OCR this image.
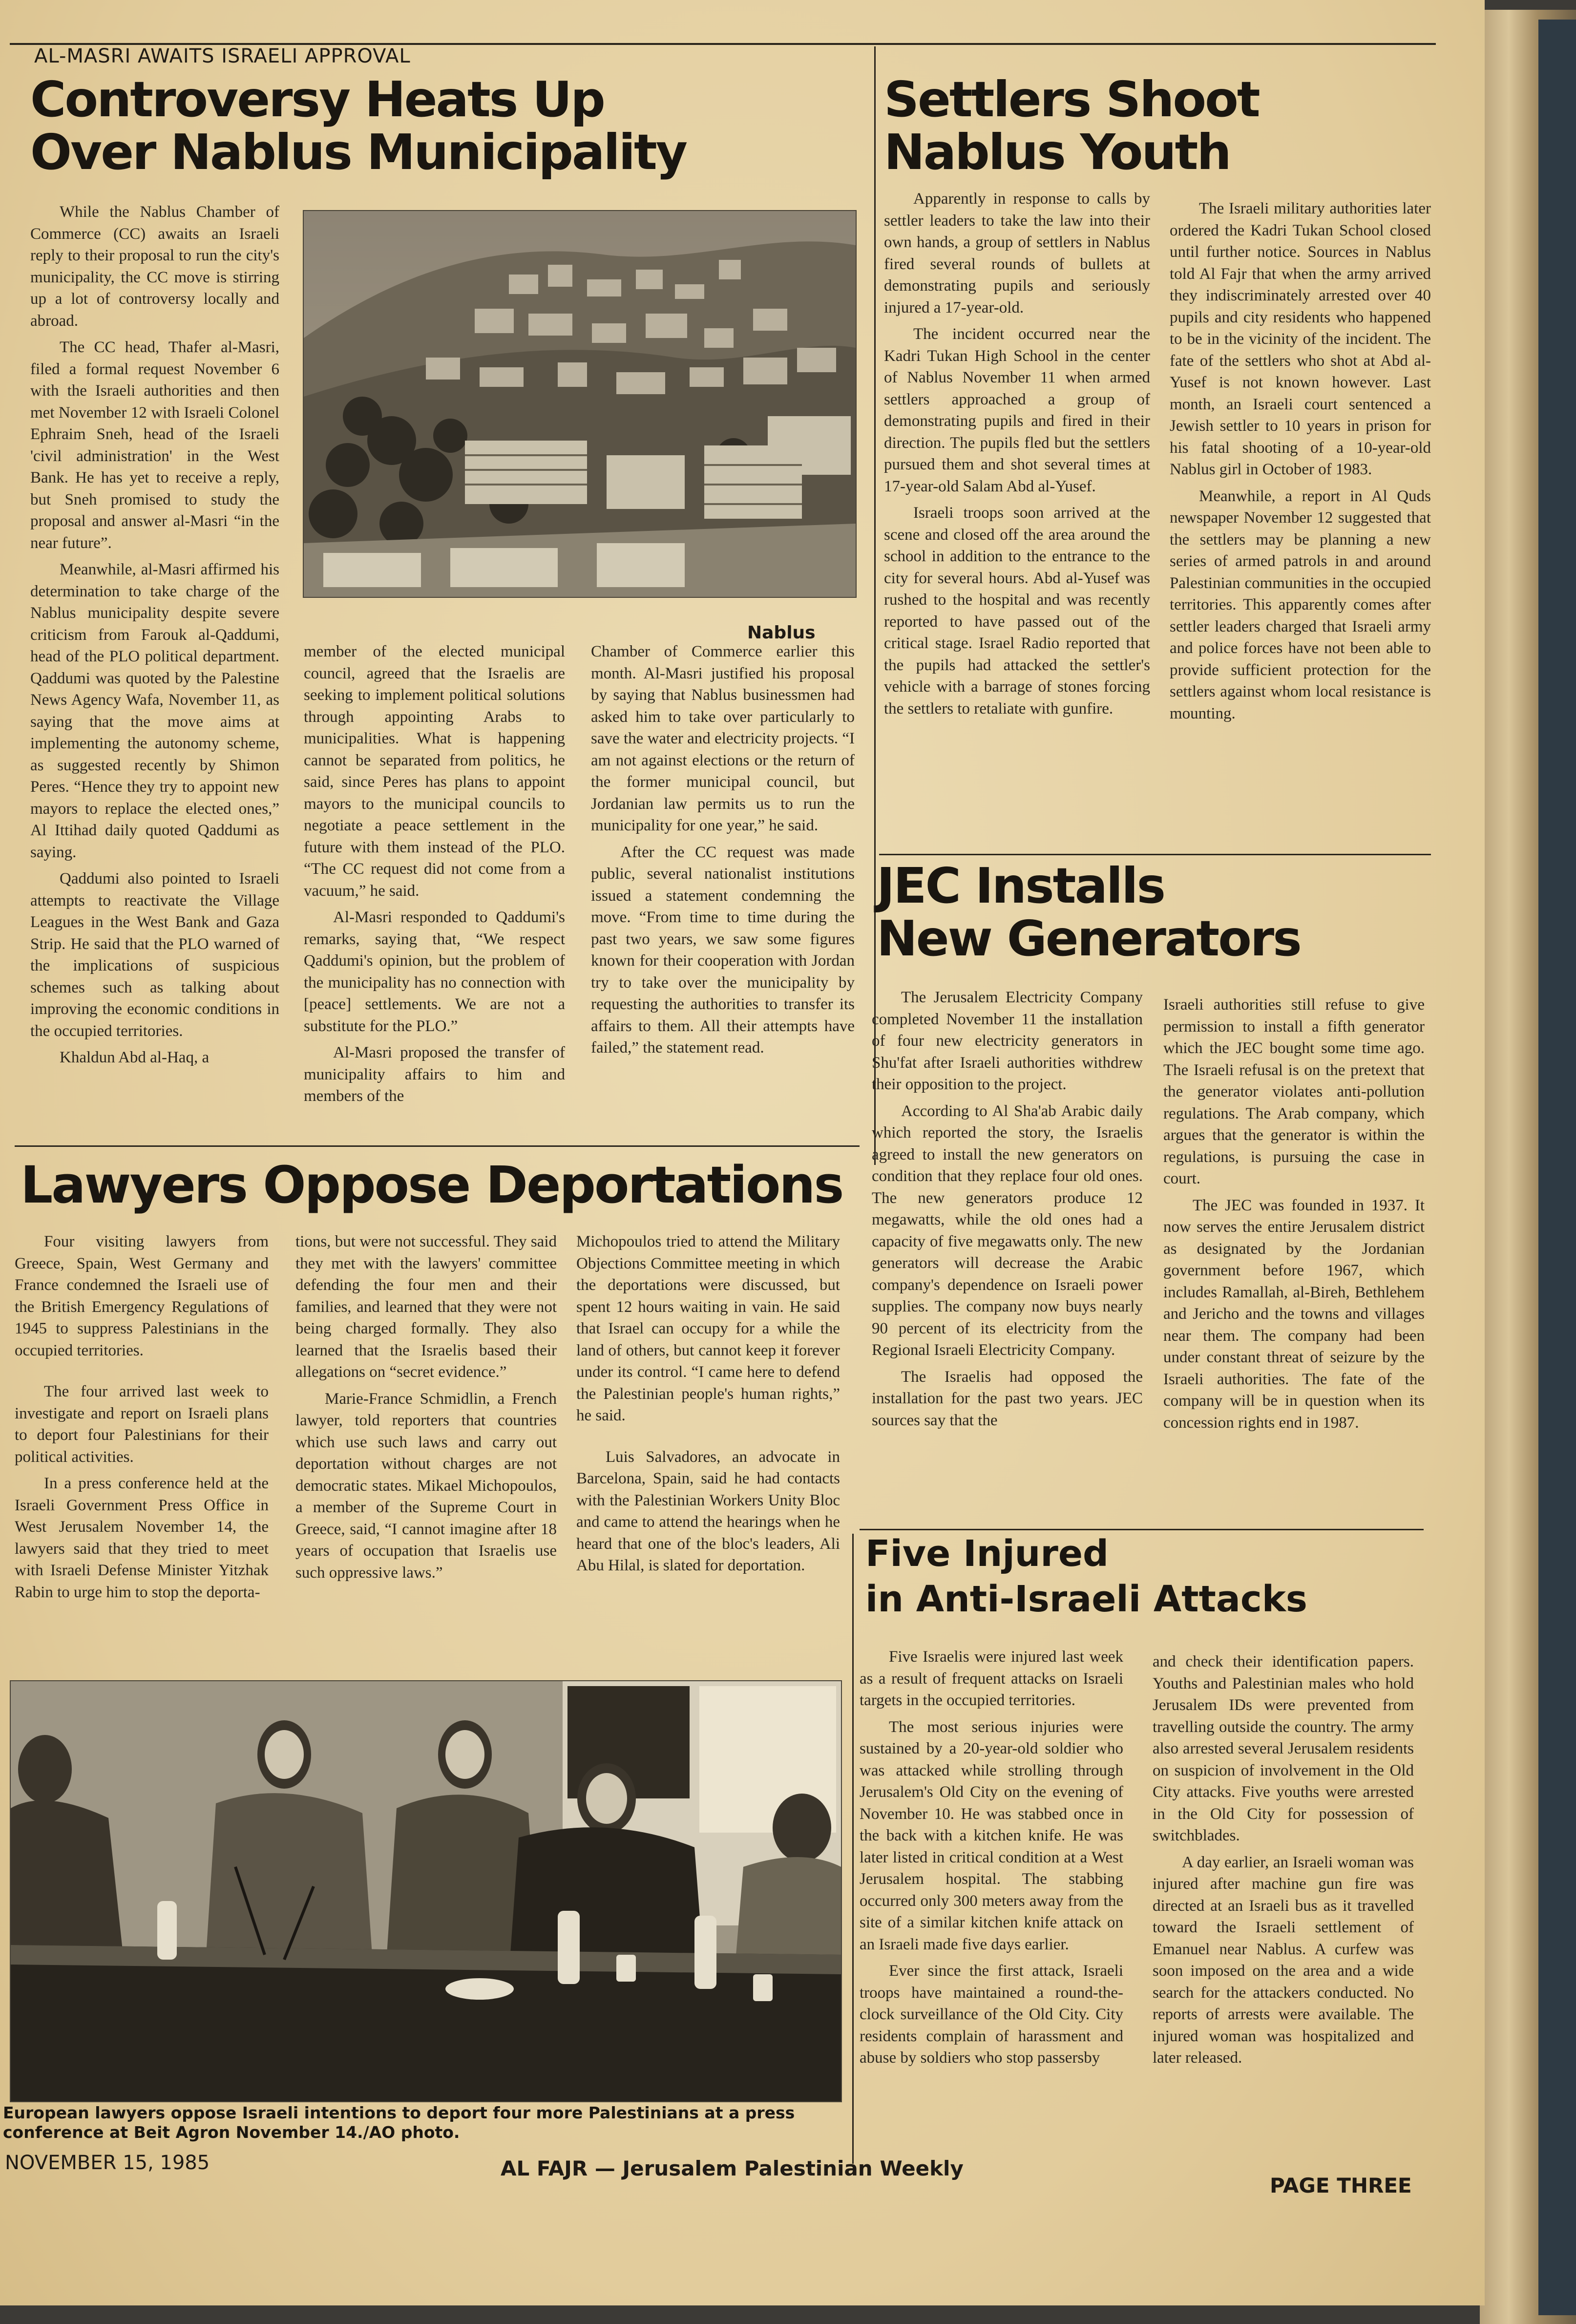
AL-MASRI AWAITS ISRAELI APPROVAL
Controversy Heats Up
Over Nablus Municipality
Nablus

While the Nablus Chamber of Commerce (CC) awaits an Israeli reply to their proposal to run the city's municipality, the CC move is stirring up a lot of controversy locally and abroad.

The CC head, Thafer al-Masri, filed a formal request November 6 with the Israeli authorities and then met November 12 with Israeli Colonel Ephraim Sneh, head of the Israeli 'civil administration' in the West Bank. He has yet to receive a reply, but Sneh promised to study the proposal and answer al-Masri “in the near future”.

Meanwhile, al-Masri affirmed his determination to take charge of the Nablus municipality despite severe criticism from Farouk al-Qaddumi, head of the PLO political department. Qaddumi was quoted by the Palestine News Agency Wafa, November 11, as saying that the move aims at implementing the autonomy scheme, as suggested recently by Shimon Peres. “Hence they try to appoint new mayors to replace the elected ones,” Al Ittihad daily quoted Qaddumi as saying.

Qaddumi also pointed to Israeli attempts to reactivate the Village Leagues in the West Bank and Gaza Strip. He said that the PLO warned of the implications of suspicious schemes such as talking about improving the economic conditions in the occupied territories.

Khaldun Abd al-Haq, a

member of the elected municipal council, agreed that the Israelis are seeking to implement political solutions through appointing Arabs to municipalities. What is happening cannot be separated from politics, he said, since Peres has plans to appoint mayors to the municipal councils to negotiate a peace settlement in the future with them instead of the PLO. “The CC request did not come from a vacuum,” he said.

Al-Masri responded to Qaddumi's remarks, saying that, “We respect Qaddumi's opinion, but the problem of the municipality has no connection with [peace] settlements. We are not a substitute for the PLO.”

Al-Masri proposed the transfer of municipality affairs to him and members of the

Chamber of Commerce earlier this month. Al-Masri justified his proposal by saying that Nablus businessmen had asked him to take over particularly to save the water and electricity projects. “I am not against elections or the return of the former municipal council, but Jordanian law permits us to run the municipality for one year,” he said.

After the CC request was made public, several nationalist institutions issued a statement condemning the move. “From time to time during the past two years, we saw some figures known for their cooperation with Jordan try to take over the municipality by requesting the authorities to transfer its affairs to them. All their attempts have failed,” the statement read.

Settlers Shoot
Nablus Youth

Apparently in response to calls by settler leaders to take the law into their own hands, a group of settlers in Nablus fired several rounds of bullets at demonstrating pupils and seriously injured a 17-year-old.

The incident occurred near the Kadri Tukan High School in the center of Nablus November 11 when armed settlers approached a group of demonstrating pupils and fired in their direction. The pupils fled but the settlers pursued them and shot several times at 17-year-old Salam Abd al-Yusef.

Israeli troops soon arrived at the scene and closed off the area around the school in addition to the entrance to the city for several hours. Abd al-Yusef was rushed to the hospital and was recently reported to have passed out of the critical stage. Israel Radio reported that the pupils had attacked the settler's vehicle with a barrage of stones forcing the settlers to retaliate with gunfire.

The Israeli military authorities later ordered the Kadri Tukan School closed until further notice. Sources in Nablus told Al Fajr that when the army arrived they indiscriminately arrested over 40 pupils and city residents who happened to be in the vicinity of the incident. The fate of the settlers who shot at Abd al-Yusef is not known however. Last month, an Israeli court sentenced a Jewish settler to 10 years in prison for his fatal shooting of a 10-year-old Nablus girl in October of 1983.

Meanwhile, a report in Al Quds newspaper November 12 suggested that the settlers may be planning a new series of armed patrols in and around Palestinian communities in the occupied territories. This apparently comes after settler leaders charged that Israeli army and police forces have not been able to provide sufficient protection for the settlers against whom local resistance is mounting.

JEC Installs
New Generators

The Jerusalem Electricity Company completed November 11 the installation of four new electricity generators in Shu'fat after Israeli authorities withdrew their opposition to the project.

According to Al Sha'ab Arabic daily which reported the story, the Israelis agreed to install the new generators on condition that they replace four old ones. The new generators produce 12 megawatts, while the old ones had a capacity of five megawatts only. The new generators will decrease the Arabic company's dependence on Israeli power supplies. The company now buys nearly 90 percent of its electricity from the Regional Israeli Electricity Company.

The Israelis had opposed the installation for the past two years. JEC sources say that the

Israeli authorities still refuse to give permission to install a fifth generator which the JEC bought some time ago. The Israeli refusal is on the pretext that the generator violates anti-pollution regulations. The Arab company, which argues that the generator is within the regulations, is pursuing the case in court.

The JEC was founded in 1937. It now serves the entire Jerusalem district as designated by the Jordanian government before 1967, which includes Ramallah, al-Bireh, Bethlehem and Jericho and the towns and villages near them. The company had been under constant threat of seizure by the Israeli authorities. The fate of the company will be in question when its concession rights end in 1987.

Lawyers Oppose Deportations

Four visiting lawyers from Greece, Spain, West Germany and France condemned the Israeli use of the British Emergency Regulations of 1945 to suppress Palestinians in the occupied territories.

The four arrived last week to investigate and report on Israeli plans to deport four Palestinians for their political activities.

In a press conference held at the Israeli Government Press Office in West Jerusalem November 14, the lawyers said that they tried to meet with Israeli Defense Minister Yitzhak Rabin to urge him to stop the deporta-

tions, but were not successful. They said they met with the lawyers' committee defending the four men and their families, and learned that they were not being charged formally. They also learned that the Israelis based their allegations on “secret evidence.”

Marie-France Schmidlin, a French lawyer, told reporters that countries which use such laws and carry out deportation without charges are not democratic states. Mikael Michopoulos, a member of the Supreme Court in Greece, said, “I cannot imagine after 18 years of occupation that Israelis use such oppressive laws.”

Michopoulos tried to attend the Military Objections Committee meeting in which the deportations were discussed, but spent 12 hours waiting in vain. He said that Israel can occupy for a while the land of others, but cannot keep it forever under its control. “I came here to defend the Palestinian people's human rights,” he said.

Luis Salvadores, an advocate in Barcelona, Spain, said he had contacts with the Palestinian Workers Unity Bloc and came to attend the hearings when he heard that one of the bloc's leaders, Ali Abu Hilal, is slated for deportation.

European lawyers oppose Israeli intentions to deport four more Palestinians at a press conference at Beit Agron November 14./AO photo.
Five Injured
in Anti-Israeli Attacks

Five Israelis were injured last week as a result of frequent attacks on Israeli targets in the occupied territories.

The most serious injuries were sustained by a 20-year-old soldier who was attacked while strolling through Jerusalem's Old City on the evening of November 10. He was stabbed once in the back with a kitchen knife. He was later listed in critical condition at a West Jerusalem hospital. The stabbing occurred only 300 meters away from the site of a similar kitchen knife attack on an Israeli made five days earlier.

Ever since the first attack, Israeli troops have maintained a round-the-clock surveillance of the Old City. City residents complain of harassment and abuse by soldiers who stop passersby

and check their identification papers. Youths and Palestinian males who hold Jerusalem IDs were prevented from travelling outside the country. The army also arrested several Jerusalem residents on suspicion of involvement in the Old City attacks. Five youths were arrested in the Old City for possession of switchblades.

A day earlier, an Israeli woman was injured after machine gun fire was directed at an Israeli bus as it travelled toward the Israeli settlement of Emanuel near Nablus. A curfew was soon imposed on the area and a wide search for the attackers conducted. No reports of arrests were available. The injured woman was hospitalized and later released.

NOVEMBER 15, 1985	AL FAJR — Jerusalem Palestinian Weekly
PAGE THREE
